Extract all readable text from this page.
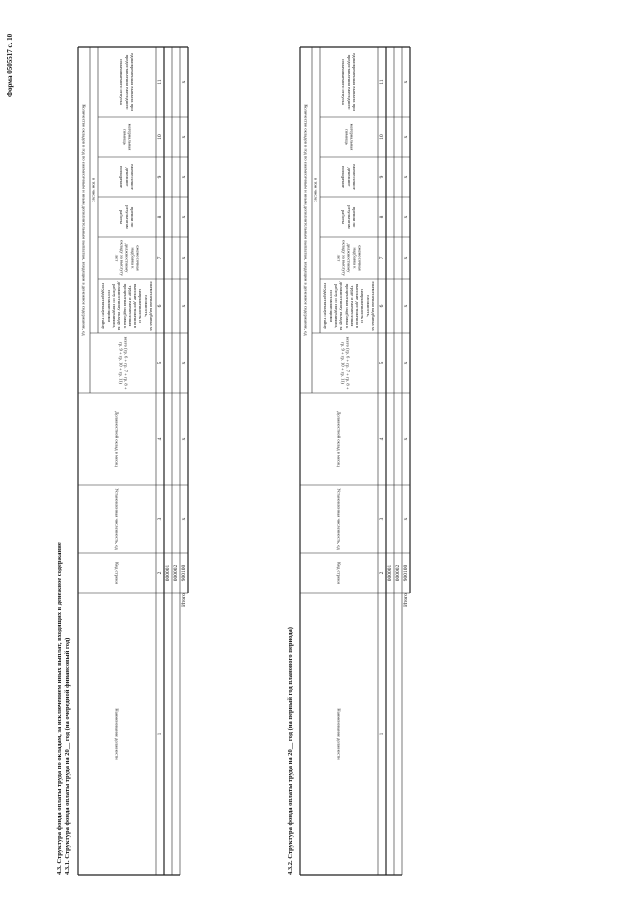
Форма 0505517 с. 10
4.3. Структура фонда оплаты труда по окладам, за исключением иных выплат, входящих в денежное содержание 4.3.1. Структура фонда оплаты труда на 20__ год (на очередной финансовый год)	Наименование должности
Код строки
Установленная численность, ед
Должностной оклад в месяц
Количество окладов в год по ежемесячным и иным дополнительным выплатам, входящим в денежное содержание, ед
всего (гр. 6 + гр. 7 + гр. 8 + гр. 9 + гр. 10 + гр. 11)
в том числе:
ежемесячная надбавка за сложность, напряженность и высокие достижения в труде и ежемесячная процентная надбавка к должностному окладу за работу со сведениями, составляющими государственную тайну
ежемесячная надбавка к должностному окладу за выслугу лет
премии по результатам работы
ежемесячное денежное поощрение
материальная помощь
единовременная выплата при предоставлении ежегодного оплачиваемого отпуска
1
2
3
4
5
6
7
8
9
10
11
000001 000002
Итого
900100
x
x
x
x
x
x
x
x
x
4.3.2. Структура фонда оплаты труда на 20__ год (на первый год планового периода)	Наименование должности
Код строки
Установленная численность, ед
Должностной оклад в месяц
Количество окладов в год по ежемесячным и иным дополнительным выплатам, входящим в денежное содержание, ед
всего (гр. 6 + гр. 7 + гр. 8 + гр. 9 + гр. 10 + гр. 11)
в том числе:
ежемесячная надбавка за сложность, напряженность и высокие достижения в труде и ежемесячная процентная надбавка к должностному окладу за работу со сведениями, составляющими государственную тайну
ежемесячная надбавка к должностному окладу за выслугу лет
премии по результатам работы
ежемесячное денежное поощрение
материальная помощь
единовременная выплата при предоставлении ежегодного оплачиваемого отпуска
1
2
3
4
5
6
7
8
9
10
11
000001 000002
Итого
900100
x
x
x
x
x
x
x
x
x
